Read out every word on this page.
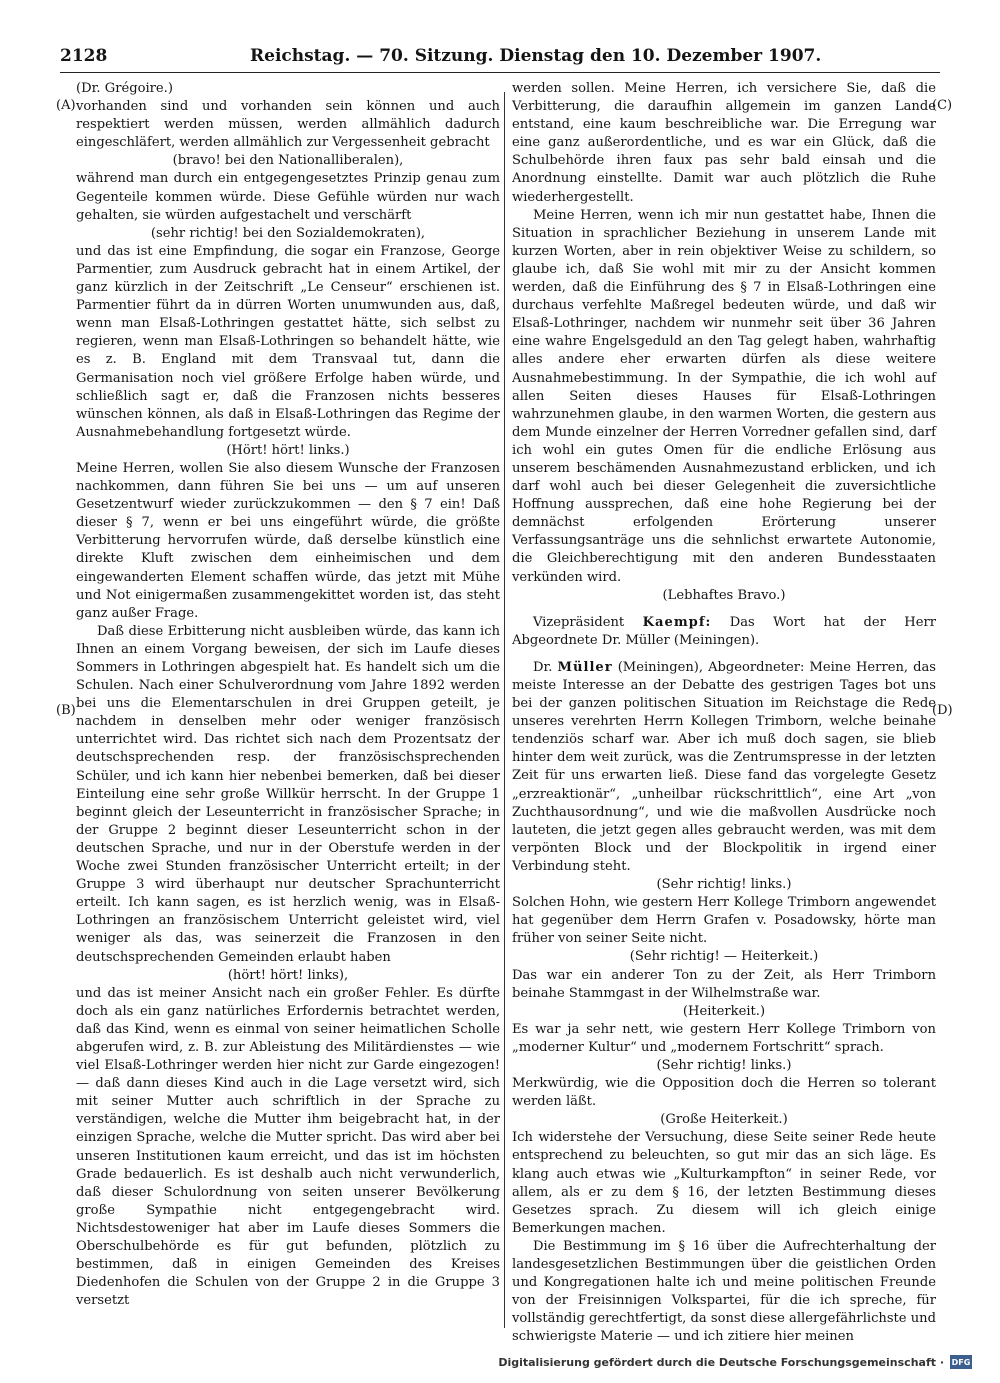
2128	Reichstag. — 70. Sitzung. Dienstag den 10. Dezember 1907.
(A)
(B)
(C)
(D)

(Dr. Grégoire.)

vorhanden sind und vorhanden sein können und auch respektiert werden müssen, werden allmählich dadurch eingeschläfert, werden allmählich zur Vergessenheit gebracht

(bravo! bei den Nationalliberalen),

während man durch ein entgegengesetztes Prinzip genau zum Gegenteile kommen würde. Diese Gefühle würden nur wach gehalten, sie würden aufgestachelt und verschärft

(sehr richtig! bei den Sozialdemokraten),

und das ist eine Empfindung, die sogar ein Franzose, George Parmentier, zum Ausdruck gebracht hat in einem Artikel, der ganz kürzlich in der Zeitschrift „Le Censeur“ erschienen ist. Parmentier führt da in dürren Worten unumwunden aus, daß, wenn man Elsaß-Lothringen gestattet hätte, sich selbst zu regieren, wenn man Elsaß-Lothringen so behandelt hätte, wie es z. B. England mit dem Transvaal tut, dann die Germanisation noch viel größere Erfolge haben würde, und schließlich sagt er, daß die Franzosen nichts besseres wünschen können, als daß in Elsaß-Lothringen das Regime der Ausnahmebehandlung fortgesetzt würde.

(Hört! hört! links.)

Meine Herren, wollen Sie also diesem Wunsche der Franzosen nachkommen, dann führen Sie bei uns — um auf unseren Gesetzentwurf wieder zurückzukommen — den § 7 ein! Daß dieser § 7, wenn er bei uns eingeführt würde, die größte Verbitterung hervorrufen würde, daß derselbe künstlich eine direkte Kluft zwischen dem einheimischen und dem eingewanderten Element schaffen würde, das jetzt mit Mühe und Not einigermaßen zusammengekittet worden ist, das steht ganz außer Frage.

Daß diese Erbitterung nicht ausbleiben würde, das kann ich Ihnen an einem Vorgang beweisen, der sich im Laufe dieses Sommers in Lothringen abgespielt hat. Es handelt sich um die Schulen. Nach einer Schulverordnung vom Jahre 1892 werden bei uns die Elementarschulen in drei Gruppen geteilt, je nachdem in denselben mehr oder weniger französisch unterrichtet wird. Das richtet sich nach dem Prozentsatz der deutschsprechenden resp. der französischsprechenden Schüler, und ich kann hier nebenbei bemerken, daß bei dieser Einteilung eine sehr große Willkür herrscht. In der Gruppe 1 beginnt gleich der Leseunterricht in französischer Sprache; in der Gruppe 2 beginnt dieser Leseunterricht schon in der deutschen Sprache, und nur in der Oberstufe werden in der Woche zwei Stunden französischer Unterricht erteilt; in der Gruppe 3 wird überhaupt nur deutscher Sprachunterricht erteilt. Ich kann sagen, es ist herzlich wenig, was in Elsaß-Lothringen an französischem Unterricht geleistet wird, viel weniger als das, was seinerzeit die Franzosen in den deutschsprechenden Gemeinden erlaubt haben

(hört! hört! links),

und das ist meiner Ansicht nach ein großer Fehler. Es dürfte doch als ein ganz natürliches Erfordernis betrachtet werden, daß das Kind, wenn es einmal von seiner heimatlichen Scholle abgerufen wird, z. B. zur Ableistung des Militärdienstes — wie viel Elsaß-Lothringer werden hier nicht zur Garde eingezogen! — daß dann dieses Kind auch in die Lage versetzt wird, sich mit seiner Mutter auch schriftlich in der Sprache zu verständigen, welche die Mutter ihm beigebracht hat, in der einzigen Sprache, welche die Mutter spricht. Das wird aber bei unseren Institutionen kaum erreicht, und das ist im höchsten Grade bedauerlich. Es ist deshalb auch nicht verwunderlich, daß dieser Schulordnung von seiten unserer Bevölkerung große Sympathie nicht entgegengebracht wird. Nichtsdestoweniger hat aber im Laufe dieses Sommers die Oberschulbehörde es für gut befunden, plötzlich zu bestimmen, daß in einigen Gemeinden des Kreises Diedenhofen die Schulen von der Gruppe 2 in die Gruppe 3 versetzt

werden sollen. Meine Herren, ich versichere Sie, daß die Verbitterung, die daraufhin allgemein im ganzen Lande entstand, eine kaum beschreibliche war. Die Erregung war eine ganz außerordentliche, und es war ein Glück, daß die Schulbehörde ihren faux pas sehr bald einsah und die Anordnung einstellte. Damit war auch plötzlich die Ruhe wiederhergestellt.

Meine Herren, wenn ich mir nun gestattet habe, Ihnen die Situation in sprachlicher Beziehung in unserem Lande mit kurzen Worten, aber in rein objektiver Weise zu schildern, so glaube ich, daß Sie wohl mit mir zu der Ansicht kommen werden, daß die Einführung des § 7 in Elsaß-Lothringen eine durchaus verfehlte Maßregel bedeuten würde, und daß wir Elsaß-Lothringer, nachdem wir nunmehr seit über 36 Jahren eine wahre Engelsgeduld an den Tag gelegt haben, wahrhaftig alles andere eher erwarten dürfen als diese weitere Ausnahmebestimmung. In der Sympathie, die ich wohl auf allen Seiten dieses Hauses für Elsaß-Lothringen wahrzunehmen glaube, in den warmen Worten, die gestern aus dem Munde einzelner der Herren Vorredner gefallen sind, darf ich wohl ein gutes Omen für die endliche Erlösung aus unserem beschämenden Ausnahmezustand erblicken, und ich darf wohl auch bei dieser Gelegenheit die zuversichtliche Hoffnung aussprechen, daß eine hohe Regierung bei der demnächst erfolgenden Erörterung unserer Verfassungsanträge uns die sehnlichst erwartete Autonomie, die Gleichberechtigung mit den anderen Bundesstaaten verkünden wird.

(Lebhaftes Bravo.)

Vizepräsident Kaempf: Das Wort hat der Herr Abgeordnete Dr. Müller (Meiningen).

Dr. Müller (Meiningen), Abgeordneter: Meine Herren, das meiste Interesse an der Debatte des gestrigen Tages bot uns bei der ganzen politischen Situation im Reichstage die Rede unseres verehrten Herrn Kollegen Trimborn, welche beinahe tendenziös scharf war. Aber ich muß doch sagen, sie blieb hinter dem weit zurück, was die Zentrumspresse in der letzten Zeit für uns erwarten ließ. Diese fand das vorgelegte Gesetz „erzreaktionär“, „unheilbar rückschrittlich“, eine Art „von Zuchthausordnung“, und wie die maßvollen Ausdrücke noch lauteten, die jetzt gegen alles gebraucht werden, was mit dem verpönten Block und der Blockpolitik in irgend einer Verbindung steht.

(Sehr richtig! links.)

Solchen Hohn, wie gestern Herr Kollege Trimborn angewendet hat gegenüber dem Herrn Grafen v. Posadowsky, hörte man früher von seiner Seite nicht.

(Sehr richtig! — Heiterkeit.)

Das war ein anderer Ton zu der Zeit, als Herr Trimborn beinahe Stammgast in der Wilhelmstraße war.

(Heiterkeit.)

Es war ja sehr nett, wie gestern Herr Kollege Trimborn von „moderner Kultur“ und „modernem Fortschritt“ sprach.

(Sehr richtig! links.)

Merkwürdig, wie die Opposition doch die Herren so tolerant werden läßt.

(Große Heiterkeit.)

Ich widerstehe der Versuchung, diese Seite seiner Rede heute entsprechend zu beleuchten, so gut mir das an sich läge. Es klang auch etwas wie „Kulturkampfton“ in seiner Rede, vor allem, als er zu dem § 16, der letzten Bestimmung dieses Gesetzes sprach. Zu diesem will ich gleich einige Bemerkungen machen.

Die Bestimmung im § 16 über die Aufrechterhaltung der landesgesetzlichen Bestimmungen über die geistlichen Orden und Kongregationen halte ich und meine politischen Freunde von der Freisinnigen Volkspartei, für die ich spreche, für vollständig gerechtfertigt, da sonst diese allergefährlichste und schwierigste Materie — und ich zitiere hier meinen

Digitalisierung gefördert durch die Deutsche Forschungsgemeinschaft · DFG
